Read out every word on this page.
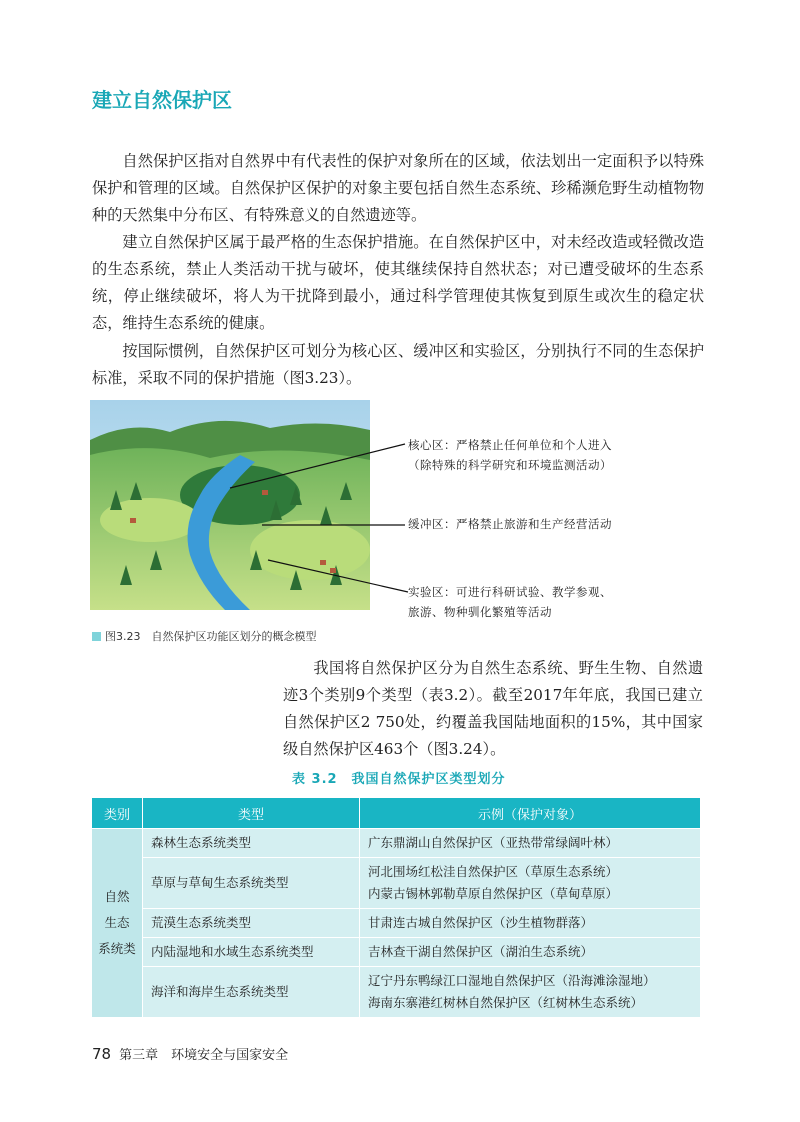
建立自然保护区

自然保护区指对自然界中有代表性的保护对象所在的区域，依法划出一定面积予以特殊保护和管理的区域。自然保护区保护的对象主要包括自然生态系统、珍稀濒危野生动植物物种的天然集中分布区、有特殊意义的自然遗迹等。

建立自然保护区属于最严格的生态保护措施。在自然保护区中，对未经改造或轻微改造的生态系统，禁止人类活动干扰与破坏，使其继续保持自然状态；对已遭受破坏的生态系统，停止继续破坏，将人为干扰降到最小，通过科学管理使其恢复到原生或次生的稳定状态，维持生态系统的健康。

按国际惯例，自然保护区可划分为核心区、缓冲区和实验区，分别执行不同的生态保护标准，采取不同的保护措施（图3.23）。

核心区：严格禁止任何单位和个人进入
（除特殊的科学研究和环境监测活动）
缓冲区：严格禁止旅游和生产经营活动
实验区：可进行科研试验、教学参观、
旅游、物种驯化繁殖等活动
图3.23　自然保护区功能区划分的概念模型

我国将自然保护区分为自然生态系统、野生生物、自然遗迹3个类别9个类型（表3.2）。截至2017年年底，我国已建立自然保护区2 750处，约覆盖我国陆地面积的15%，其中国家级自然保护区463个（图3.24）。

表 3.2　我国自然保护区类型划分
类别	类型	示例（保护对象）

自然
生态
系统类	森林生态系统类型	广东鼎湖山自然保护区（亚热带常绿阔叶林）

	草原与草甸生态系统类型	河北围场红松洼自然保护区（草原生态系统）
内蒙古锡林郭勒草原自然保护区（草甸草原）

	荒漠生态系统类型	甘肃连古城自然保护区（沙生植物群落）

	内陆湿地和水域生态系统类型	吉林查干湖自然保护区（湖泊生态系统）

	海洋和海岸生态系统类型	辽宁丹东鸭绿江口湿地自然保护区（沿海滩涂湿地）
海南东寨港红树林自然保护区（红树林生态系统）
78 第三章　环境安全与国家安全
